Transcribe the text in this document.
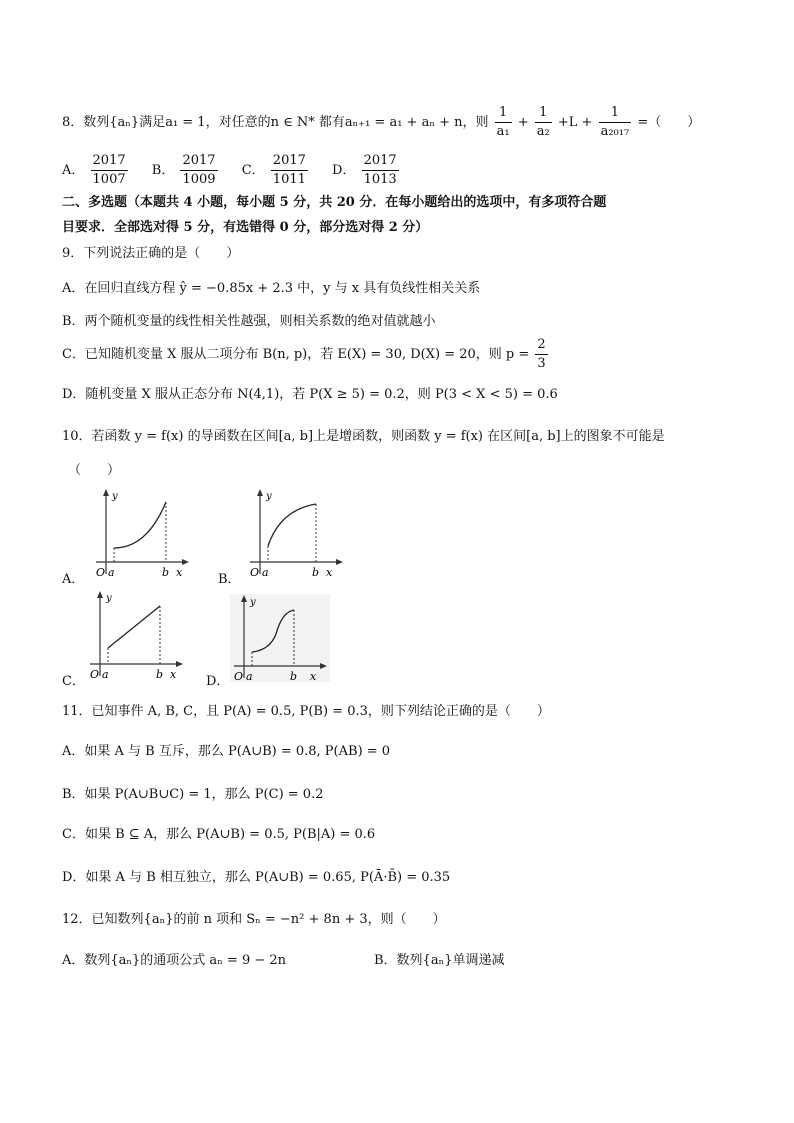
8．数列{aₙ}满足a₁ = 1，对任意的n ∈ N* 都有aₙ₊₁ = a₁ + aₙ + n，则 $\frac{1}{\text{a₁}} + \frac{1}{\text{a₂}} +L + \frac{1}{\text{a₂₀₁₇}}$ =（　　）
A． $\frac{2017}{1007}$ B． $\frac{2017}{1009}$ C． $\frac{2017}{1011}$ D． $\frac{2017}{1013}$
二、多选题（本题共 4 小题，每小题 5 分，共 20 分．在每小题给出的选项中，有多项符合题
目要求．全部选对得 5 分，有选错得 0 分，部分选对得 2 分）
9．下列说法正确的是（　　）
A．在回归直线方程 ŷ = −0.85x + 2.3 中，y 与 x 具有负线性相关关系
B．两个随机变量的线性相关性越强，则相关系数的绝对值就越小
C．已知随机变量 X 服从二项分布 B(n, p)，若 E(X) = 30, D(X) = 20，则 $p = \frac{2}{3}$
D．随机变量 X 服从正态分布 N(4,1)，若 P(X ≥ 5) = 0.2，则 P(3 < X < 5) = 0.6
10．若函数 y = f(x) 的导函数在区间[a, b]上是增函数，则函数 y = f(x) 在区间[a, b]上的图象不可能是
（　　）
A．
y
O a	b x	B．
y
O a	b x
C．
y
O a	b x D．
y
O a	b x
11．已知事件 A, B, C，且 P(A) = 0.5, P(B) = 0.3，则下列结论正确的是（　　）
A．如果 A 与 B 互斥，那么 P(A∪B) = 0.8, P(AB) = 0
B．如果 P(A∪B∪C) = 1，那么 P(C) = 0.2
C．如果 B ⊆ A，那么 P(A∪B) = 0.5, P(B|A) = 0.6
D．如果 A 与 B 相互独立，那么 P(A∪B) = 0.65, P(Ā·B̄) = 0.35
12．已知数列{aₙ}的前 n 项和 Sₙ = −n² + 8n + 3，则（　　）
A．数列{aₙ}的通项公式 aₙ = 9 − 2n	B．数列{aₙ}单调递减
